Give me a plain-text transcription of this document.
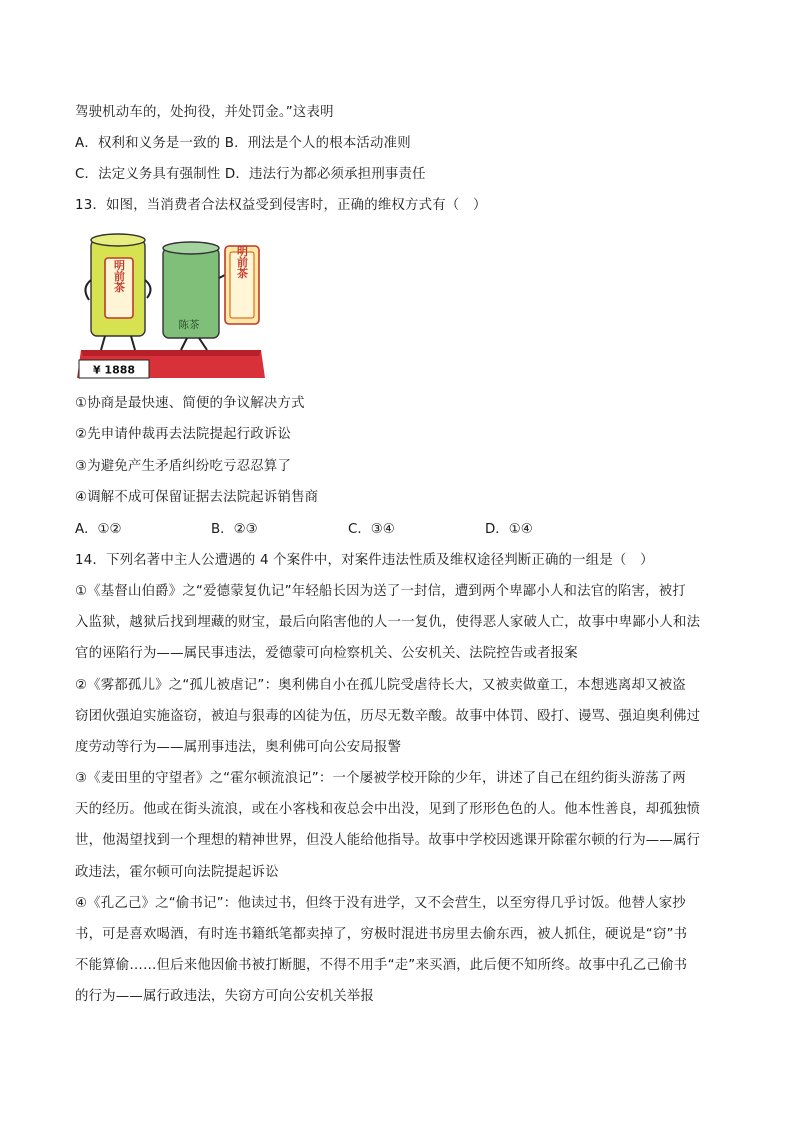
驾驶机动车的，处拘役，并处罚金。”这表明
A．权利和义务是一致的 B．刑法是个人的根本活动准则
C．法定义务具有强制性 D．违法行为都必须承担刑事责任
13．如图，当消费者合法权益受到侵害时，正确的维权方式有（　）
¥ 1888
明前茶
陈茶
明前茶
①协商是最快速、简便的争议解决方式
②先申请仲裁再去法院提起行政诉讼
③为避免产生矛盾纠纷吃亏忍忍算了
④调解不成可保留证据去法院起诉销售商
A．①②	B．②③	C．③④	D．①④
14．下列名著中主人公遭遇的 4 个案件中，对案件违法性质及维权途径判断正确的一组是（　）
①《基督山伯爵》之“爱德蒙复仇记”年轻船长因为送了一封信，遭到两个卑鄙小人和法官的陷害，被打
入监狱，越狱后找到埋藏的财宝，最后向陷害他的人一一复仇，使得恶人家破人亡，故事中卑鄙小人和法
官的诬陷行为——属民事违法，爱德蒙可向检察机关、公安机关、法院控告或者报案
②《雾都孤儿》之“孤儿被虐记”：奥利佛自小在孤儿院受虐待长大，又被卖做童工，本想逃离却又被盗
窃团伙强迫实施盗窃，被迫与狠毒的凶徒为伍，历尽无数辛酸。故事中体罚、殴打、谩骂、强迫奥利佛过
度劳动等行为——属刑事违法，奥利佛可向公安局报警
③《麦田里的守望者》之“霍尔顿流浪记”：一个屡被学校开除的少年，讲述了自己在纽约街头游荡了两
天的经历。他或在街头流浪，或在小客栈和夜总会中出没，见到了形形色色的人。他本性善良，却孤独愤
世，他渴望找到一个理想的精神世界，但没人能给他指导。故事中学校因逃课开除霍尔顿的行为——属行
政违法，霍尔顿可向法院提起诉讼
④《孔乙己》之“偷书记”：他读过书，但终于没有进学，又不会营生，以至穷得几乎讨饭。他替人家抄
书，可是喜欢喝酒，有时连书籍纸笔都卖掉了，穷极时混进书房里去偷东西，被人抓住，硬说是“窃”书
不能算偷……但后来他因偷书被打断腿，不得不用手“走”来买酒，此后便不知所终。故事中孔乙己偷书
的行为——属行政违法，失窃方可向公安机关举报
